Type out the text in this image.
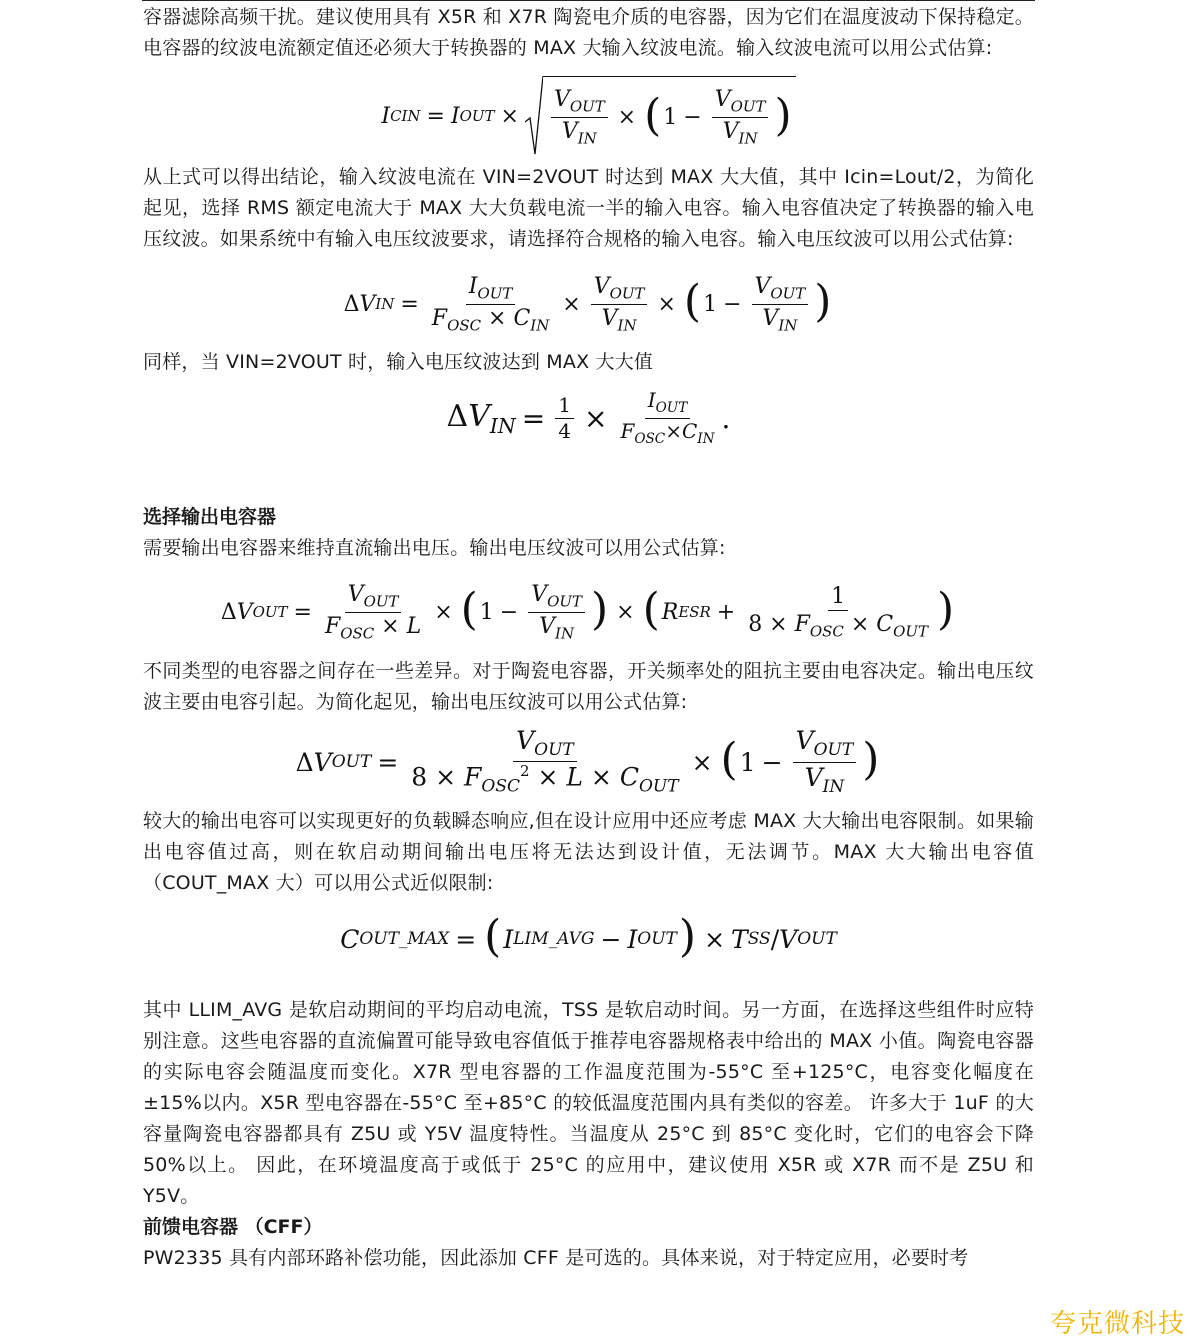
容器滤除高频干扰。建议使用具有 X5R 和 X7R 陶瓷电介质的电容器，因为它们在温度波动下保持稳定。电容器的纹波电流额定值还必须大于转换器的 MAX 大输入纹波电流。输入纹波电流可以用公式估算:

I CIN = I OUT ×
$V_{OUT}$
$V_{IN}$
× ( 1 −
$V_{OUT}$
$V_{IN}$ )

从上式可以得出结论，输入纹波电流在 VIN=2VOUT 时达到 MAX 大大值，其中 Icin=Lout/2，为简化起见，选择 RMS 额定电流大于 MAX 大大负载电流一半的输入电容。输入电容值决定了转换器的输入电压纹波。如果系统中有输入电压纹波要求，请选择符合规格的输入电容。输入电压纹波可以用公式估算:

Δ V IN =
$I_{OUT}$
$F_{OSC} \times C_{IN}$
×
$V_{OUT}$
$V_{IN}$
× ( 1 −
$V_{OUT}$
$V_{IN}$ )

同样，当 VIN=2VOUT 时，输入电压纹波达到 MAX 大大值

$\Delta V_{IN} = \frac{1}{4}$ ×
$I_{OUT}$
$F_{OSC}\times C_{IN}$
.
选择输出电容器

需要输出电容器来维持直流输出电压。输出电压纹波可以用公式估算:

Δ V OUT =
$V_{OUT}$
$F_{OSC} \times L$
× ( 1 −
$V_{OUT}$
$V_{IN}$ ) × ( R ESR +
1
$8 \times F_{OSC} \times C_{OUT}$ )

不同类型的电容器之间存在一些差异。对于陶瓷电容器，开关频率处的阻抗主要由电容决定。输出电压纹波主要由电容引起。为简化起见，输出电压纹波可以用公式估算:

Δ V OUT =
$V_{OUT}$
$8 \times F_{OSC}^2 \times L \times C_{OUT}$
× ( 1 −
$V_{OUT}$
$V_{IN}$
)

较大的输出电容可以实现更好的负载瞬态响应,但在设计应用中还应考虑 MAX 大大输出电容限制。如果输出电容值过高，则在软启动期间输出电压将无法达到设计值，无法调节。MAX 大大输出电容值（COUT_MAX 大）可以用公式近似限制:

C OUT_MAX = ( I LIM_AVG − I OUT ) × T SS / V OUT

其中 LLIM_AVG 是软启动期间的平均启动电流，TSS 是软启动时间。另一方面，在选择这些组件时应特别注意。这些电容器的直流偏置可能导致电容值低于推荐电容器规格表中给出的 MAX 小值。陶瓷电容器的实际电容会随温度而变化。X7R 型电容器的工作温度范围为-55°C 至+125°C，电容变化幅度在±15%以内。X5R 型电容器在-55°C 至+85°C 的较低温度范围内具有类似的容差。 许多大于 1uF 的大容量陶瓷电容器都具有 Z5U 或 Y5V 温度特性。当温度从 25°C 到 85°C 变化时，它们的电容会下降 50%以上。 因此，在环境温度高于或低于 25°C 的应用中，建议使用 X5R 或 X7R 而不是 Z5U 和 Y5V。

前馈电容器 （CFF）

PW2335 具有内部环路补偿功能，因此添加 CFF 是可选的。具体来说，对于特定应用，必要时考

夸克微科技
